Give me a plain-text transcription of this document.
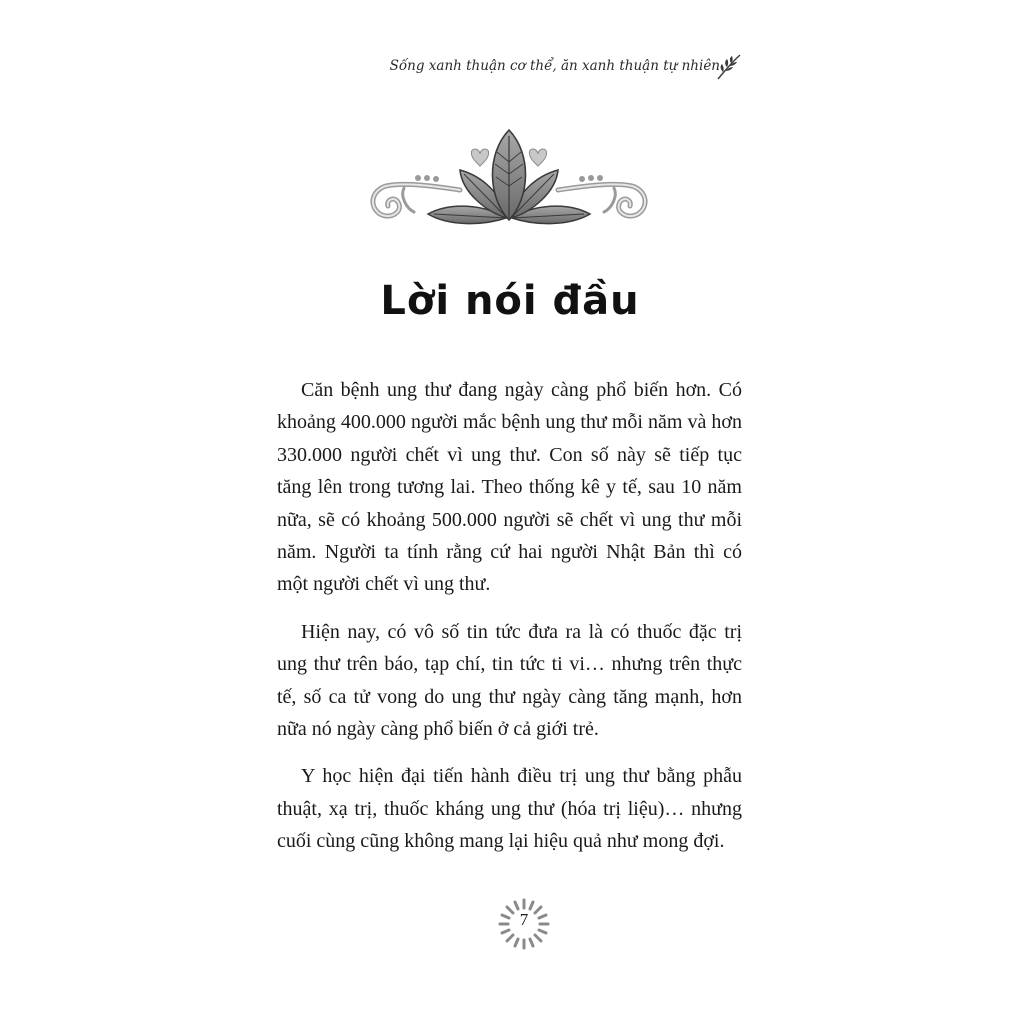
Sống xanh thuận cơ thể, ăn xanh thuận tự nhiên
Lời nói đầu

Căn bệnh ung thư đang ngày càng phổ biến hơn. Có khoảng 400.000 người mắc bệnh ung thư mỗi năm và hơn 330.000 người chết vì ung thư. Con số này sẽ tiếp tục tăng lên trong tương lai. Theo thống kê y tế, sau 10 năm nữa, sẽ có khoảng 500.000 người sẽ chết vì ung thư mỗi năm. Người ta tính rằng cứ hai người Nhật Bản thì có một người chết vì ung thư.

Hiện nay, có vô số tin tức đưa ra là có thuốc đặc trị ung thư trên báo, tạp chí, tin tức ti vi… nhưng trên thực tế, số ca tử vong do ung thư ngày càng tăng mạnh, hơn nữa nó ngày càng phổ biến ở cả giới trẻ.

Y học hiện đại tiến hành điều trị ung thư bằng phẫu thuật, xạ trị, thuốc kháng ung thư (hóa trị liệu)… nhưng cuối cùng cũng không mang lại hiệu quả như mong đợi.

7
